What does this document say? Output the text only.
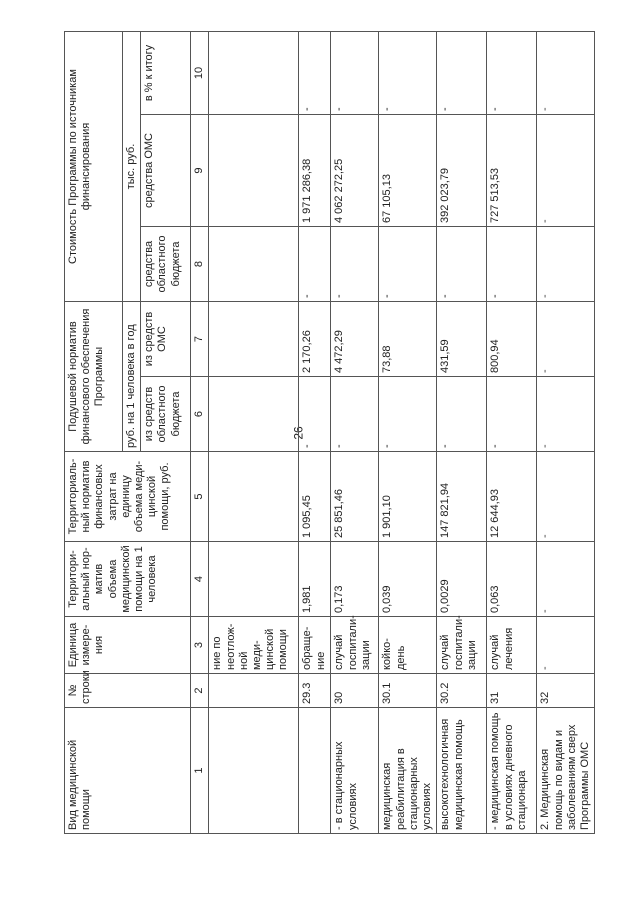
26
Вид медицинской помощи	№ строки	Единица измере-ния	Территори-альный нор-матив объема медицинской помощи на 1 человека	Территориаль-ный норматив финансовых затрат на единицу объема меди-цинской помощи, руб.	Подушевой норматив финансового обеспечения Программы		Стоимость Программы по источникам финансирования		
					руб. на 1 человека в год		тыс. руб.		
					из средств областного бюджета	из средств ОМС	средства областного бюджета	средства ОМС	в % к итогу
1	2	3	4	5	6	7	8	9	10
		ние по неотлож-ной меди-цинской помощи							
	29.3	обраще-ние	1,981	1 095,45	-	2 170,26	-	1 971 286,38	-
- в стационарных условиях	30	случай госпитали-зации	0,173	25 851,46	-	4 472,29	-	4 062 272,25	-
медицинская реабилитация в стационарных условиях	30.1	койко-день	0,039	1 901,10	-	73,88	-	67 105,13	-
высокотехнологичная медицинская помощь	30.2	случай госпитали-зации	0,0029	147 821,94	-	431,59	-	392 023,79	-
- медицинская помощь в условиях дневного стационара	31	случай лечения	0,063	12 644,93	-	800,94	-	727 513,53	-
2. Медицинская помощь по видам и заболеваниям сверх Программы ОМС	32	-	-	-	-	-	-	-	-
